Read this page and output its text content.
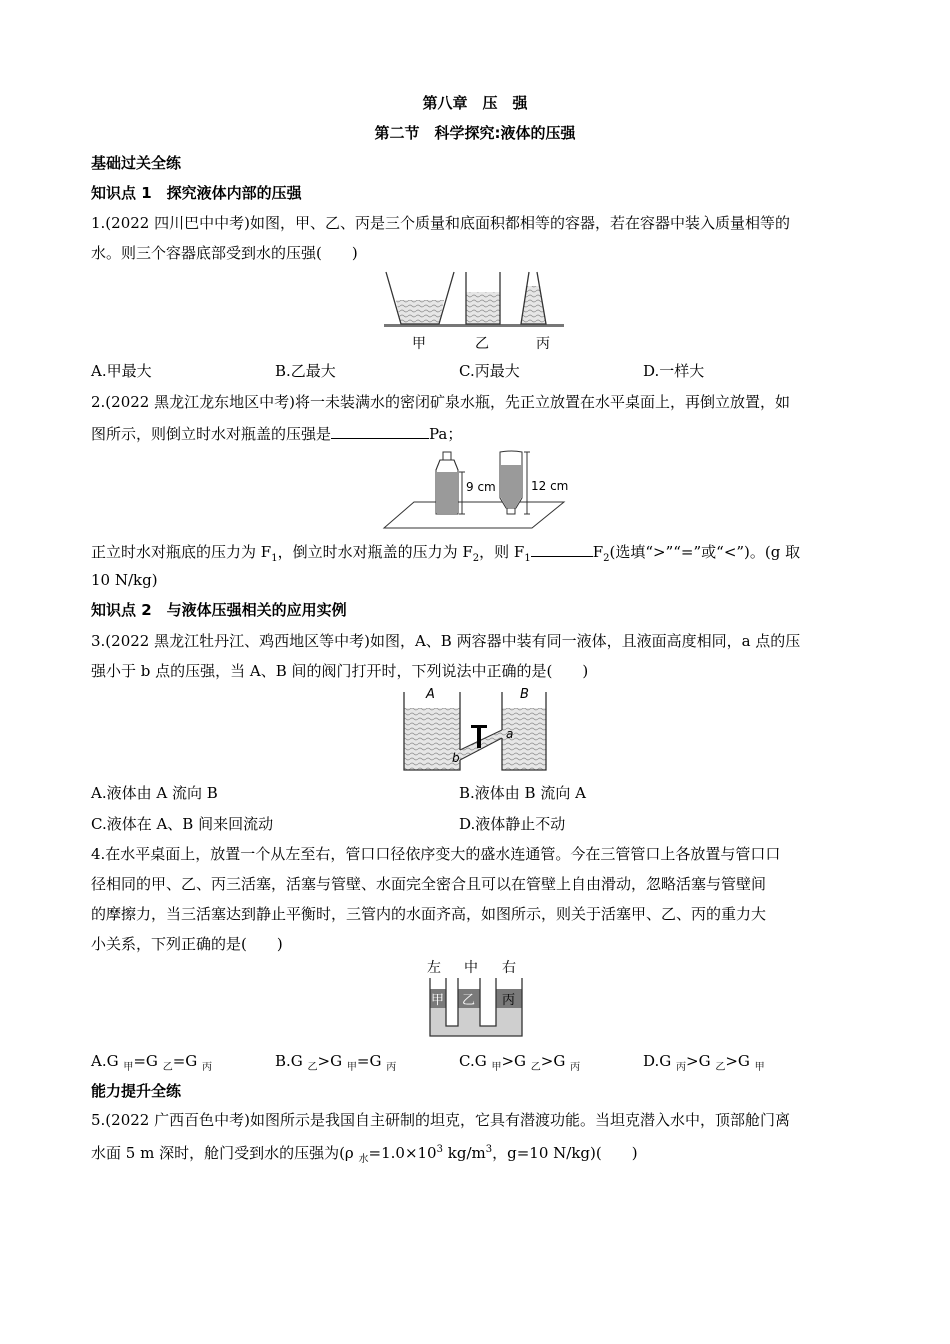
第八章　压　强
第二节　科学探究:液体的压强
基础过关全练
知识点 1　探究液体内部的压强
1.(2022 四川巴中中考)如图，甲、乙、丙是三个质量和底面积都相等的容器，若在容器中装入质量相等的
水。则三个容器底部受到水的压强(　　)
甲	乙	丙
A.甲最大	B.乙最大	C.丙最大	D.一样大
2.(2022 黑龙江龙东地区中考)将一未装满水的密闭矿泉水瓶，先正立放置在水平桌面上，再倒立放置，如
图所示，则倒立时水对瓶盖的压强是	Pa；
9 cm	12 cm
正立时水对瓶底的压力为 $F_1$，倒立时水对瓶盖的压力为 $F_2$，则 $F_1$	$F_2$(选填“>”“=”或“<”)。(g 取
10 N/kg)
知识点 2　与液体压强相关的应用实例
3.(2022 黑龙江牡丹江、鸡西地区等中考)如图，A、B 两容器中装有同一液体，且液面高度相同，a 点的压
强小于 b 点的压强，当 A、B 间的阀门打开时，下列说法中正确的是(　　)
A	B
a
b
A.液体由 A 流向 B	B.液体由 B 流向 A
C.液体在 A、B 间来回流动	D.液体静止不动
4.在水平桌面上，放置一个从左至右，管口口径依序变大的盛水连通管。今在三管管口上各放置与管口口
径相同的甲、乙、丙三活塞，活塞与管壁、水面完全密合且可以在管壁上自由滑动，忽略活塞与管壁间
的摩擦力，当三活塞达到静止平衡时，三管内的水面齐高，如图所示，则关于活塞甲、乙、丙的重力大
小关系，下列正确的是(　　)
左 中 右
甲 乙 丙
A.G $_甲$=G $_乙$=G $_丙$	B.G $_乙$>G $_甲$=G $_丙$	C.G $_甲$>G $_乙$>G $_丙$	D.G $_丙$>G $_乙$>G $_甲$
能力提升全练
5.(2022 广西百色中考)如图所示是我国自主研制的坦克，它具有潜渡功能。当坦克潜入水中，顶部舱门离
水面 5 m 深时，舱门受到水的压强为(ρ $_水=1.0\times 10^3$ $kg/m^3$，g=10 N/kg)(　　)
